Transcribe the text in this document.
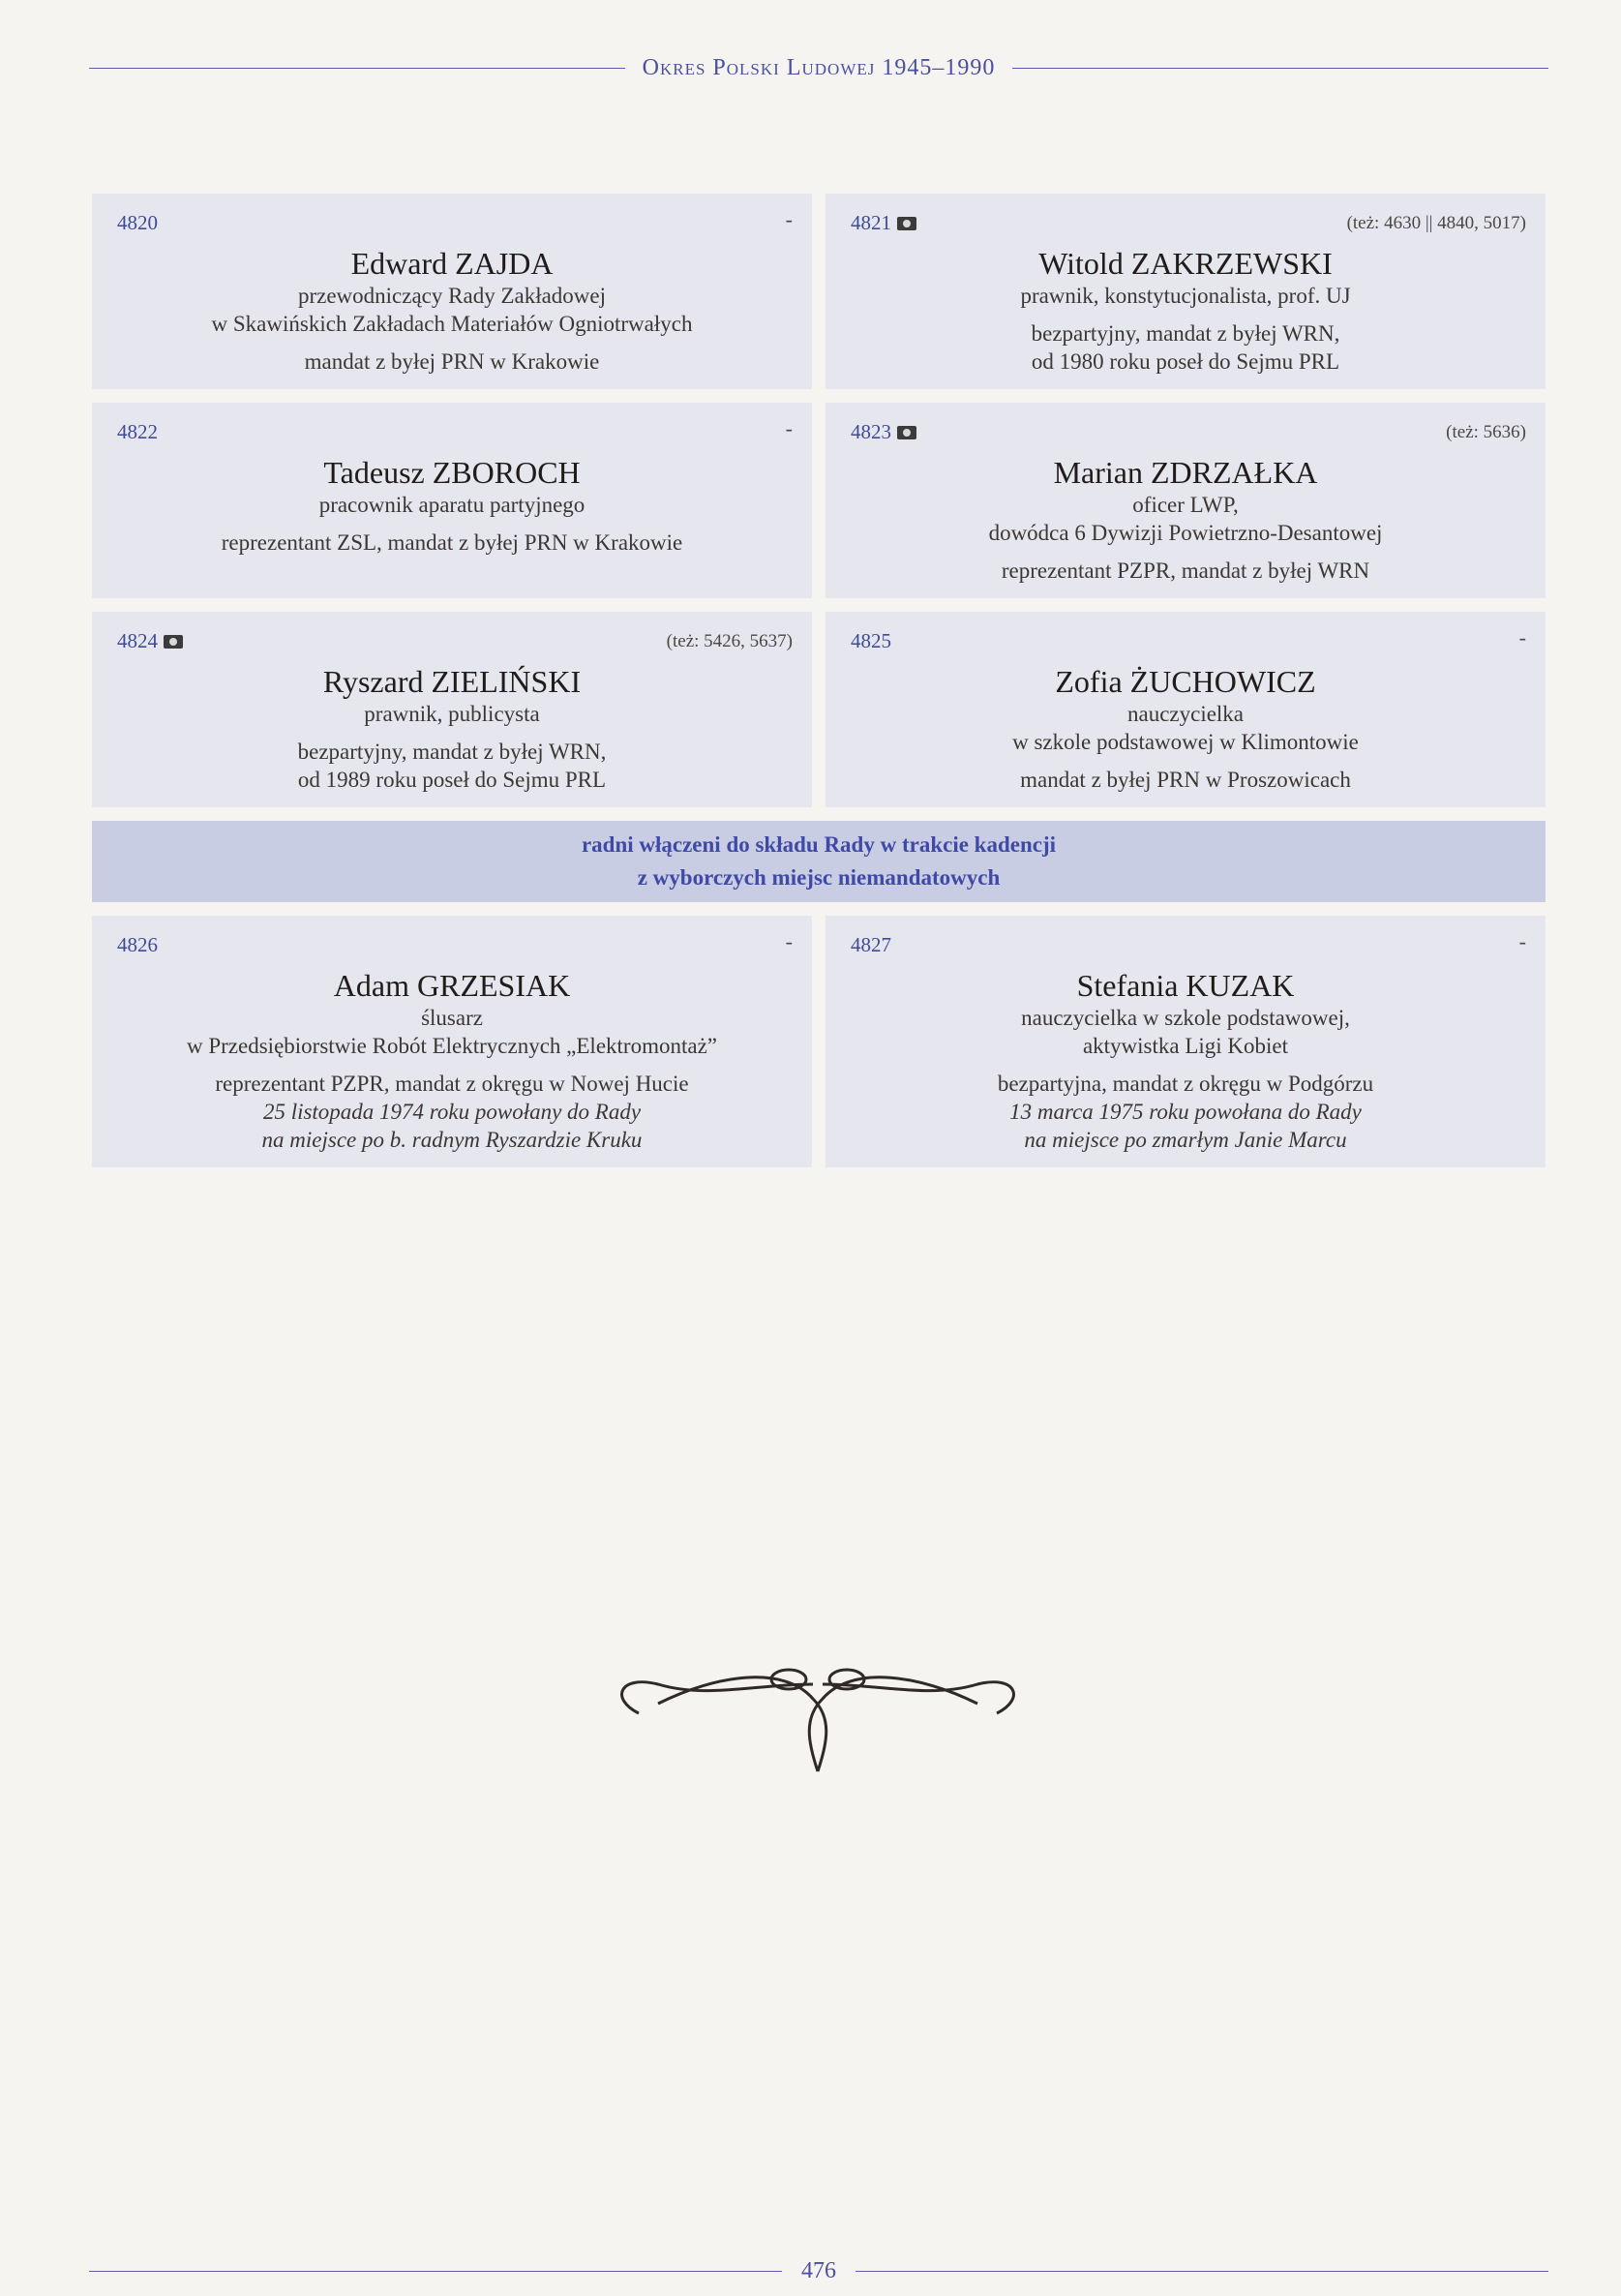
Okres Polski Ludowej 1945–1990
4820	-
Edward ZAJDA
przewodniczący Rady Zakładowej
w Skawińskich Zakładach Materiałów Ogniotrwałych
mandat z byłej PRN w Krakowie
4821	(też: 4630 || 4840, 5017)
Witold ZAKRZEWSKI
prawnik, konstytucjonalista, prof. UJ
bezpartyjny, mandat z byłej WRN,
od 1980 roku poseł do Sejmu PRL
4822	-
Tadeusz ZBOROCH
pracownik aparatu partyjnego
reprezentant ZSL, mandat z byłej PRN w Krakowie
4823	(też: 5636)
Marian ZDRZAŁKA
oficer LWP,
dowódca 6 Dywizji Powietrzno-Desantowej
reprezentant PZPR, mandat z byłej WRN
4824	(też: 5426, 5637)
Ryszard ZIELIŃSKI
prawnik, publicysta
bezpartyjny, mandat z byłej WRN,
od 1989 roku poseł do Sejmu PRL
4825	-
Zofia ŻUCHOWICZ
nauczycielka
w szkole podstawowej w Klimontowie
mandat z byłej PRN w Proszowicach
radni włączeni do składu Rady w trakcie kadencji
z wyborczych miejsc niemandatowych
4826	-
Adam GRZESIAK
ślusarz
w Przedsiębiorstwie Robót Elektrycznych „Elektromontaż”
reprezentant PZPR, mandat z okręgu w Nowej Hucie
25 listopada 1974 roku powołany do Rady
na miejsce po b. radnym Ryszardzie Kruku
4827	-
Stefania KUZAK
nauczycielka w szkole podstawowej,
aktywistka Ligi Kobiet
bezpartyjna, mandat z okręgu w Podgórzu
13 marca 1975 roku powołana do Rady
na miejsce po zmarłym Janie Marcu
476
